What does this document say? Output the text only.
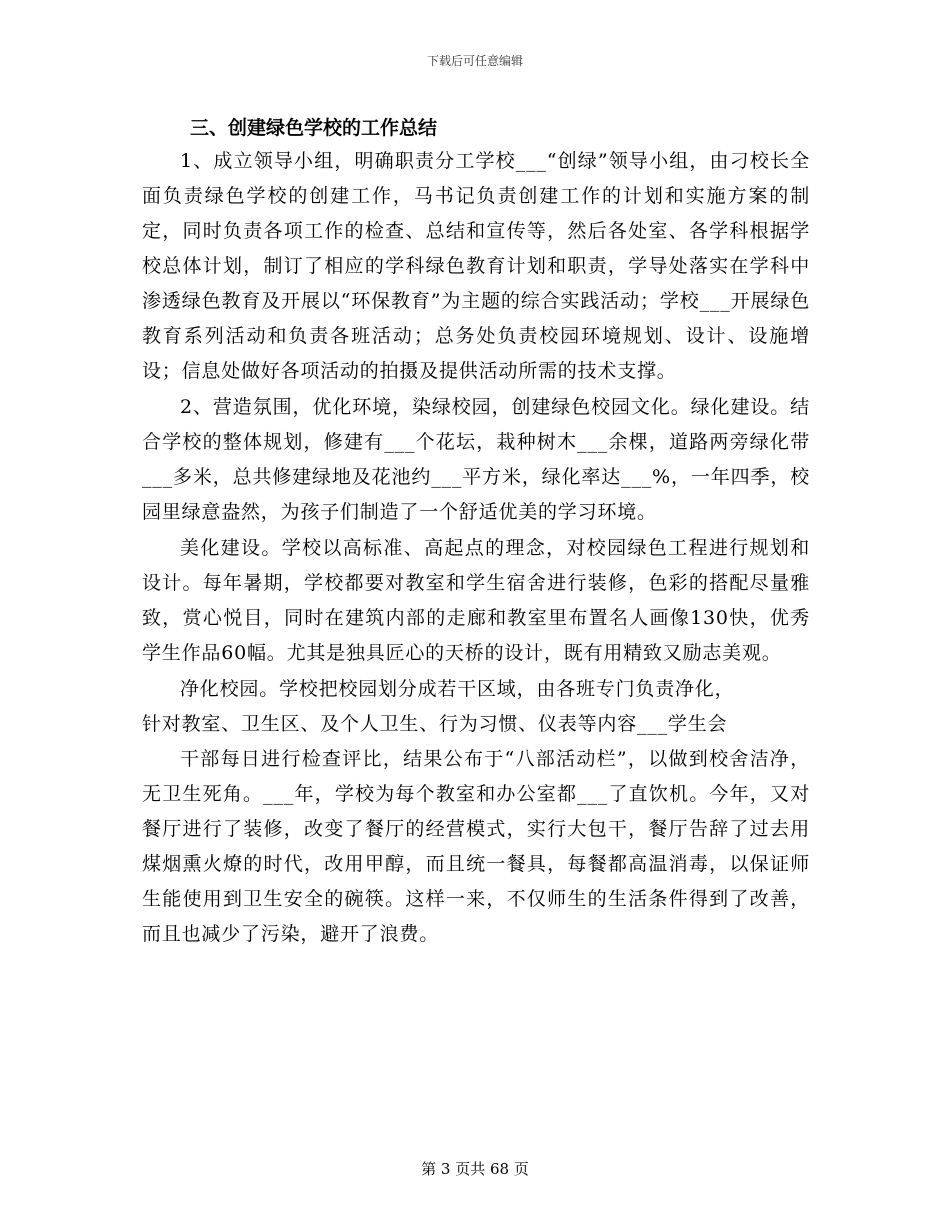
下载后可任意编辑
三、创建绿色学校的工作总结

1、成立领导小组，明确职责分工学校___“创绿”领导小组，由刁校长全面负责绿色学校的创建工作，马书记负责创建工作的计划和实施方案的制定，同时负责各项工作的检查、总结和宣传等，然后各处室、各学科根据学校总体计划，制订了相应的学科绿色教育计划和职责，学导处落实在学科中渗透绿色教育及开展以“环保教育”为主题的综合实践活动；学校___开展绿色教育系列活动和负责各班活动；总务处负责校园环境规划、设计、设施增设；信息处做好各项活动的拍摄及提供活动所需的技术支撑。

2、营造氛围，优化环境，染绿校园，创建绿色校园文化。绿化建设。结合学校的整体规划，修建有___个花坛，栽种树木___余棵，道路两旁绿化带___多米，总共修建绿地及花池约___平方米，绿化率达___%，一年四季，校园里绿意盎然，为孩子们制造了一个舒适优美的学习环境。

美化建设。学校以高标准、高起点的理念，对校园绿色工程进行规划和设计。每年暑期，学校都要对教室和学生宿舍进行装修，色彩的搭配尽量雅致，赏心悦目，同时在建筑内部的走廊和教室里布置名人画像130快，优秀学生作品60幅。尤其是独具匠心的天桥的设计，既有用精致又励志美观。

净化校园。学校把校园划分成若干区域，由各班专门负责净化，

针对教室、卫生区、及个人卫生、行为习惯、仪表等内容___学生会

干部每日进行检查评比，结果公布于“八部活动栏”，以做到校舍洁净，无卫生死角。___年，学校为每个教室和办公室都___了直饮机。今年，又对餐厅进行了装修，改变了餐厅的经营模式，实行大包干，餐厅告辞了过去用煤烟熏火燎的时代，改用甲醇，而且统一餐具，每餐都高温消毒，以保证师生能使用到卫生安全的碗筷。这样一来，不仅师生的生活条件得到了改善，而且也减少了污染，避开了浪费。

第 3 页共 68 页
